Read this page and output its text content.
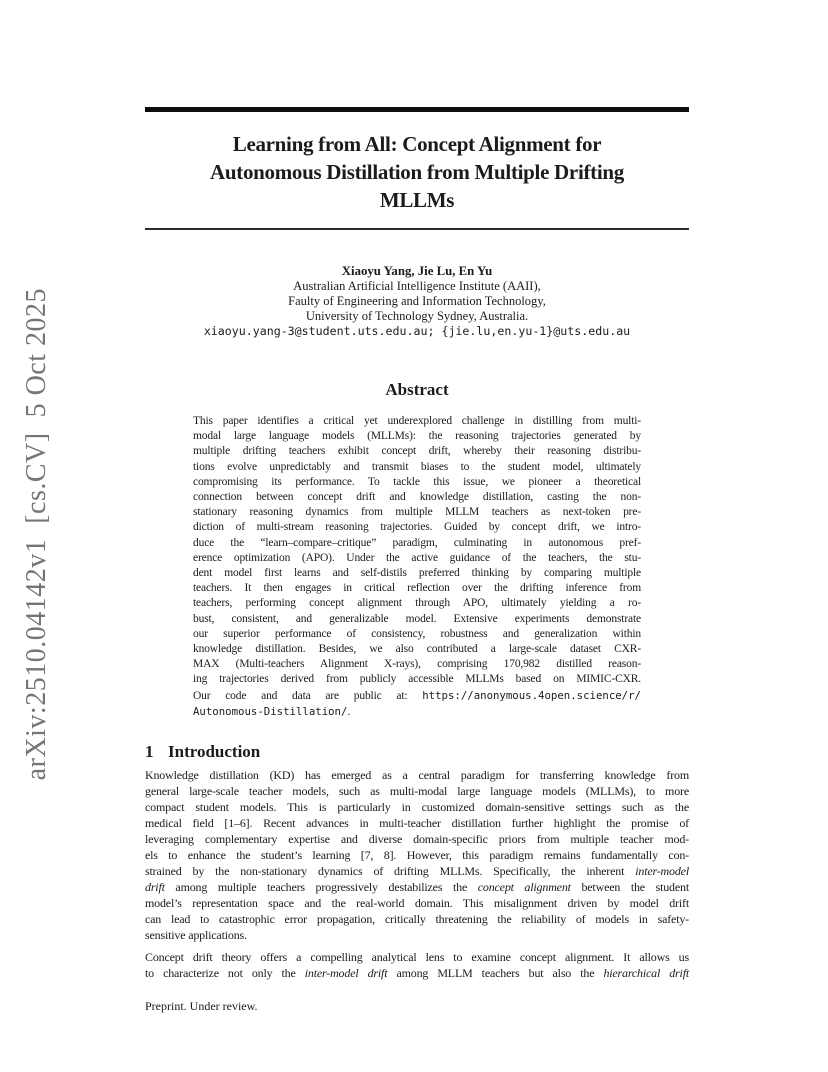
arXiv:2510.04142v1  [cs.CV]  5 Oct 2025
Learning from All: Concept Alignment for
Autonomous Distillation from Multiple Drifting
MLLMs
Xiaoyu Yang, Jie Lu, En Yu
Australian Artificial Intelligence Institute (AAII),
Faulty of Engineering and Information Technology,
University of Technology Sydney, Australia.
xiaoyu.yang-3@student.uts.edu.au; {jie.lu,en.yu-1}@uts.edu.au
Abstract
This paper identifies a critical yet underexplored challenge in distilling from multi-
modal large language models (MLLMs): the reasoning trajectories generated by
multiple drifting teachers exhibit concept drift, whereby their reasoning distribu-
tions evolve unpredictably and transmit biases to the student model, ultimately
compromising its performance. To tackle this issue, we pioneer a theoretical
connection between concept drift and knowledge distillation, casting the non-
stationary reasoning dynamics from multiple MLLM teachers as next-token pre-
diction of multi-stream reasoning trajectories. Guided by concept drift, we intro-
duce the “learn–compare–critique” paradigm, culminating in autonomous pref-
erence optimization (APO). Under the active guidance of the teachers, the stu-
dent model first learns and self-distils preferred thinking by comparing multiple
teachers. It then engages in critical reflection over the drifting inference from
teachers, performing concept alignment through APO, ultimately yielding a ro-
bust, consistent, and generalizable model. Extensive experiments demonstrate
our superior performance of consistency, robustness and generalization within
knowledge distillation. Besides, we also contributed a large-scale dataset CXR-
MAX (Multi-teachers Alignment X-rays), comprising 170,982 distilled reason-
ing trajectories derived from publicly accessible MLLMs based on MIMIC-CXR.
Our code and data are public at: https://anonymous.4open.science/r/
Autonomous-Distillation/.
1 Introduction
Knowledge distillation (KD) has emerged as a central paradigm for transferring knowledge from
general large-scale teacher models, such as multi-modal large language models (MLLMs), to more
compact student models. This is particularly in customized domain-sensitive settings such as the
medical field [1–6]. Recent advances in multi-teacher distillation further highlight the promise of
leveraging complementary expertise and diverse domain-specific priors from multiple teacher mod-
els to enhance the student’s learning [7, 8]. However, this paradigm remains fundamentally con-
strained by the non-stationary dynamics of drifting MLLMs. Specifically, the inherent inter-model
drift among multiple teachers progressively destabilizes the concept alignment between the student
model’s representation space and the real-world domain. This misalignment driven by model drift
can lead to catastrophic error propagation, critically threatening the reliability of models in safety-
sensitive applications.
Concept drift theory offers a compelling analytical lens to examine concept alignment. It allows us
to characterize not only the inter-model drift among MLLM teachers but also the hierarchical drift
Preprint. Under review.
